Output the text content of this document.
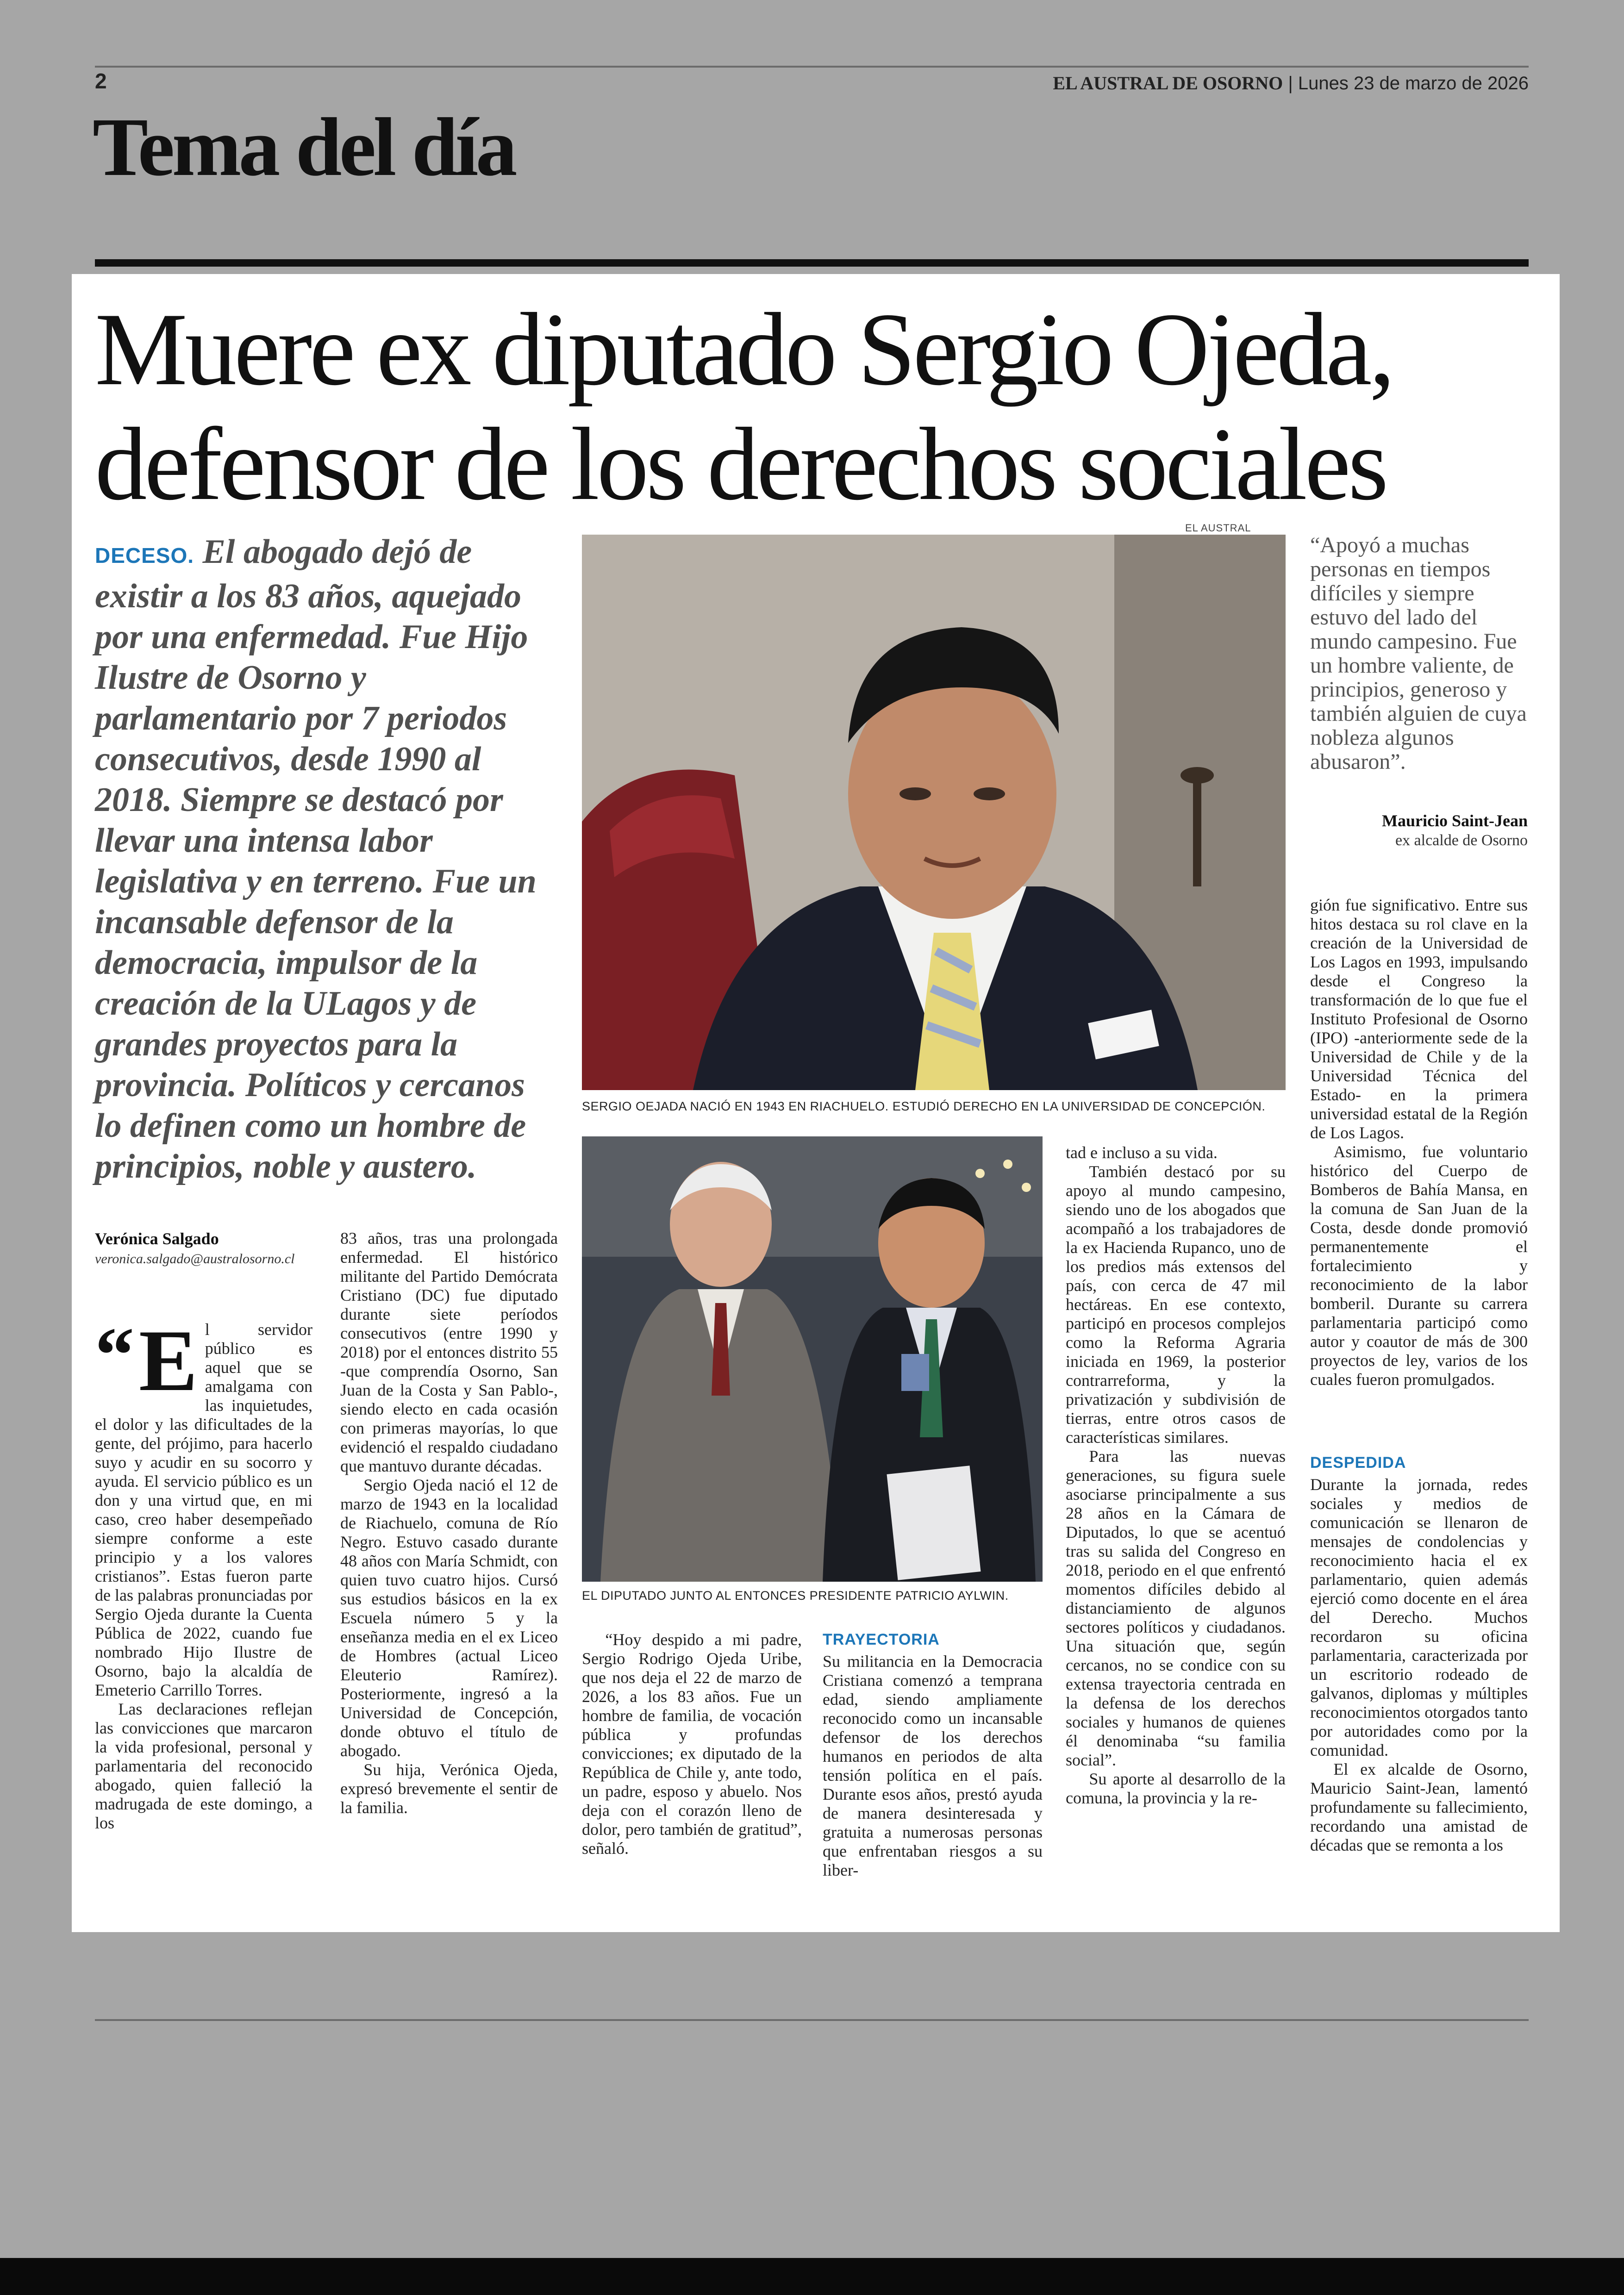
2	EL AUSTRAL DE OSORNO | Lunes 23 de marzo de 2026
Tema del día
Muere ex diputado Sergio Ojeda,
defensor de los derechos sociales
DECESO. El abogado dejó de existir a los 83 años, aquejado por una enfermedad. Fue Hijo Ilustre de Osorno y parlamentario por 7 periodos consecutivos, desde 1990 al 2018. Siempre se destacó por llevar una intensa labor legislativa y en terreno. Fue un incansable defensor de la democracia, impulsor de la creación de la ULagos y de grandes proyectos para la provincia. Políticos y cercanos lo definen como un hombre de principios, noble y austero.
EL AUSTRAL
SERGIO OEJADA NACIÓ EN 1943 EN RIACHUELO. ESTUDIÓ DERECHO EN LA UNIVERSIDAD DE CONCEPCIÓN.
EL DIPUTADO JUNTO AL ENTONCES PRESIDENTE PATRICIO AYLWIN.
“Apoyó a muchas personas en tiempos difíciles y siempre estuvo del lado del mundo campesino. Fue un hombre valiente, de principios, generoso y también alguien de cuya nobleza algunos abusaron”.
Mauricio Saint-Jean
ex alcalde de Osorno
Verónica Salgado
veronica.salgado@australosorno.cl
“ E l servidor público es aquel que se amalgama con las inquietudes, el dolor y las dificultades de la gente, del prójimo, para hacerlo suyo y acudir en su socorro y ayuda. El servicio público es un don y una virtud que, en mi caso, creo haber desempeñado siempre conforme a este principio y a los valores cristianos”. Estas fueron parte de las palabras pronunciadas por Sergio Ojeda durante la Cuenta Pública de 2022, cuando fue nombrado Hijo Ilustre de Osorno, bajo la alcaldía de Emeterio Carrillo Torres.

Las declaraciones reflejan las convicciones que marcaron la vida profesional, personal y parlamentaria del reconocido abogado, quien falleció la madrugada de este domingo, a los

83 años, tras una prolongada enfermedad. El histórico militante del Partido Demócrata Cristiano (DC) fue diputado durante siete períodos consecutivos (entre 1990 y 2018) por el entonces distrito 55 -que comprendía Osorno, San Juan de la Costa y San Pablo-, siendo electo en cada ocasión con primeras mayorías, lo que evidenció el respaldo ciudadano que mantuvo durante décadas.

Sergio Ojeda nació el 12 de marzo de 1943 en la localidad de Riachuelo, comuna de Río Negro. Estuvo casado durante 48 años con María Schmidt, con quien tuvo cuatro hijos. Cursó sus estudios básicos en la ex Escuela número 5 y la enseñanza media en el ex Liceo de Hombres (actual Liceo Eleuterio Ramírez). Posteriormente, ingresó a la Universidad de Concepción, donde obtuvo el título de abogado.

Su hija, Verónica Ojeda, expresó brevemente el sentir de la familia.

“Hoy despido a mi padre, Sergio Rodrigo Ojeda Uribe, que nos deja el 22 de marzo de 2026, a los 83 años. Fue un hombre de familia, de vocación pública y profundas convicciones; ex diputado de la República de Chile y, ante todo, un padre, esposo y abuelo. Nos deja con el corazón lleno de dolor, pero también de gratitud”, señaló.

TRAYECTORIA

Su militancia en la Democracia Cristiana comenzó a temprana edad, siendo ampliamente reconocido como un incansable defensor de los derechos humanos en periodos de alta tensión política en el país. Durante esos años, prestó ayuda de manera desinteresada y gratuita a numerosas personas que enfrentaban riesgos a su liber-

tad e incluso a su vida.

También destacó por su apoyo al mundo campesino, siendo uno de los abogados que acompañó a los trabajadores de la ex Hacienda Rupanco, uno de los predios más extensos del país, con cerca de 47 mil hectáreas. En ese contexto, participó en procesos complejos como la Reforma Agraria iniciada en 1969, la posterior contrarreforma, y la privatización y subdivisión de tierras, entre otros casos de características similares.

Para las nuevas generaciones, su figura suele asociarse principalmente a sus 28 años en la Cámara de Diputados, lo que se acentuó tras su salida del Congreso en 2018, periodo en el que enfrentó momentos difíciles debido al distanciamiento de algunos sectores políticos y ciudadanos. Una situación que, según cercanos, no se condice con su extensa trayectoria centrada en la defensa de los derechos sociales y humanos de quienes él denominaba “su familia social”.

Su aporte al desarrollo de la comuna, la provincia y la re-

gión fue significativo. Entre sus hitos destaca su rol clave en la creación de la Universidad de Los Lagos en 1993, impulsando desde el Congreso la transformación de lo que fue el Instituto Profesional de Osorno (IPO) -anteriormente sede de la Universidad de Chile y de la Universidad Técnica del Estado- en la primera universidad estatal de la Región de Los Lagos.

Asimismo, fue voluntario histórico del Cuerpo de Bomberos de Bahía Mansa, en la comuna de San Juan de la Costa, desde donde promovió permanentemente el fortalecimiento y reconocimiento de la labor bomberil. Durante su carrera parlamentaria participó como autor y coautor de más de 300 proyectos de ley, varios de los cuales fueron promulgados.

DESPEDIDA

Durante la jornada, redes sociales y medios de comunicación se llenaron de mensajes de condolencias y reconocimiento hacia el ex parlamentario, quien además ejerció como docente en el área del Derecho. Muchos recordaron su oficina parlamentaria, caracterizada por un escritorio rodeado de galvanos, diplomas y múltiples reconocimientos otorgados tanto por autoridades como por la comunidad.

El ex alcalde de Osorno, Mauricio Saint-Jean, lamentó profundamente su fallecimiento, recordando una amistad de décadas que se remonta a los
